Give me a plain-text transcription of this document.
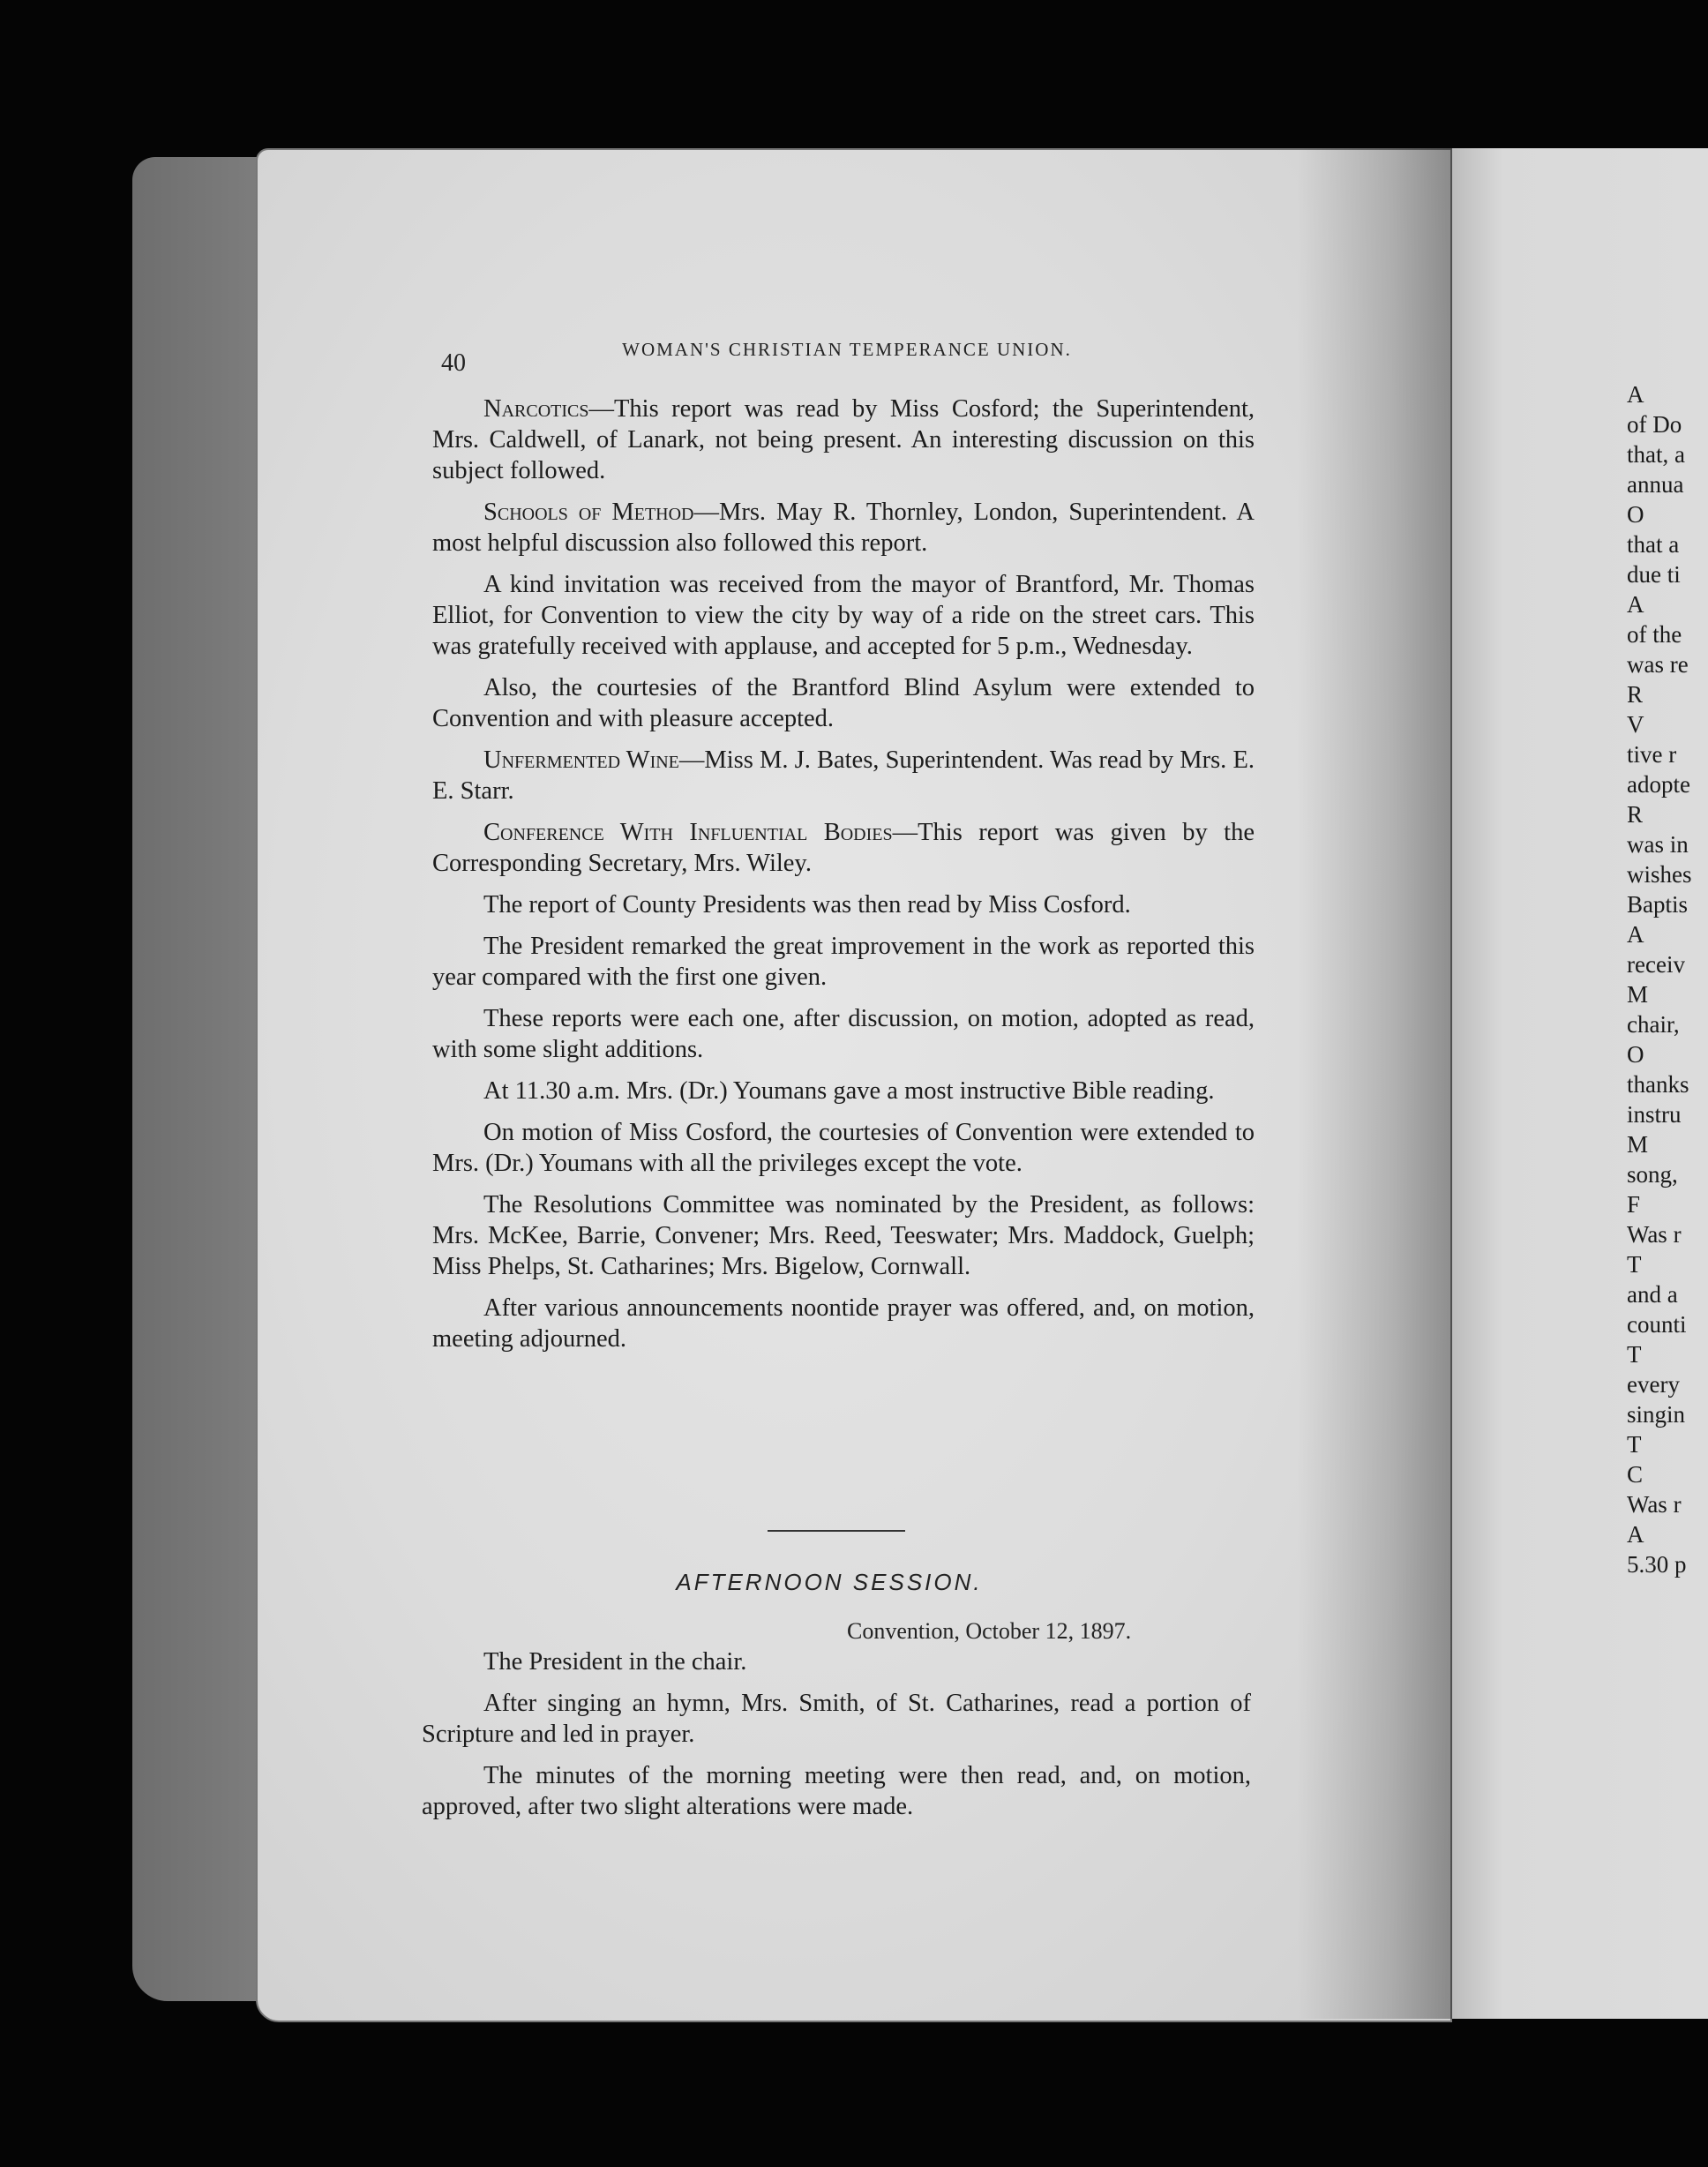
40	WOMAN'S CHRISTIAN TEMPERANCE UNION.

Narcotics—This report was read by Miss Cosford; the Superintendent, Mrs. Caldwell, of Lanark, not being present. An interesting discussion on this subject followed.

Schools of Method—Mrs. May R. Thornley, London, Superintendent. A most helpful discussion also followed this report.

A kind invitation was received from the mayor of Brantford, Mr. Thomas Elliot, for Convention to view the city by way of a ride on the street cars. This was gratefully received with applause, and accepted for 5 p.m., Wednesday.

Also, the courtesies of the Brantford Blind Asylum were extended to Convention and with pleasure accepted.

Unfermented Wine—Miss M. J. Bates, Superintendent. Was read by Mrs. E. E. Starr.

Conference With Influential Bodies—This report was given by the Corresponding Secretary, Mrs. Wiley.

The report of County Presidents was then read by Miss Cosford.

The President remarked the great improvement in the work as reported this year compared with the first one given.

These reports were each one, after discussion, on motion, adopted as read, with some slight additions.

At 11.30 a.m. Mrs. (Dr.) Youmans gave a most instructive Bible reading.

On motion of Miss Cosford, the courtesies of Convention were extended to Mrs. (Dr.) Youmans with all the privileges except the vote.

The Resolutions Committee was nominated by the President, as follows: Mrs. McKee, Barrie, Convener; Mrs. Reed, Teeswater; Mrs. Maddock, Guelph; Miss Phelps, St. Catharines; Mrs. Bigelow, Cornwall.

After various announcements noontide prayer was offered, and, on motion, meeting adjourned.

AFTERNOON SESSION.
Convention, October 12, 1897.

The President in the chair.

After singing an hymn, Mrs. Smith, of St. Catharines, read a portion of Scripture and led in prayer.

The minutes of the morning meeting were then read, and, on motion, approved, after two slight alterations were made.

A
of Do
that, a
annua
O
that a
due ti
A
of the
was re
R
V
tive r
adopte
R
was in
wishes
Baptis
A
receiv
M
chair,
O
thanks
instru
M
song,
F
Was r
T
and a
counti
T
every
singin
T
C
Was r
A
5.30 p
